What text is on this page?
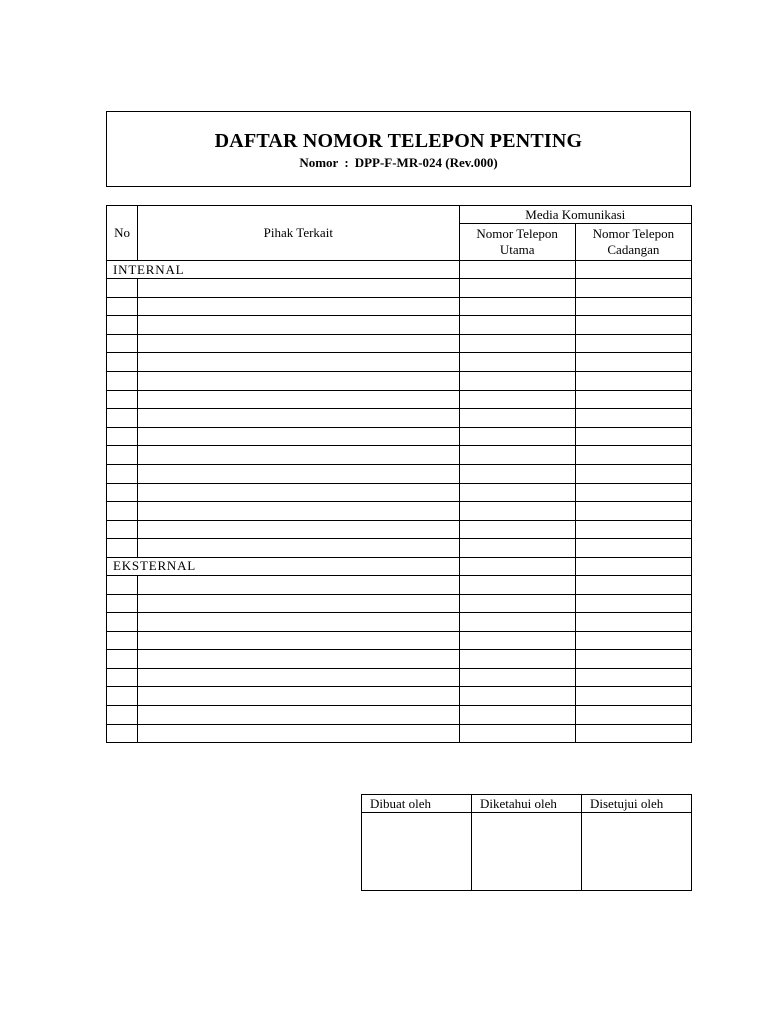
DAFTAR NOMOR TELEPON PENTING
Nomor : DPP-F-MR-024 (Rev.000)
No	Pihak Terkait	Media Komunikasi	
		Nomor Telepon Utama	Nomor Telepon Cadangan
INTERNAL			

EKSTERNAL			

Dibuat oleh	Diketahui oleh	Disetujui oleh
